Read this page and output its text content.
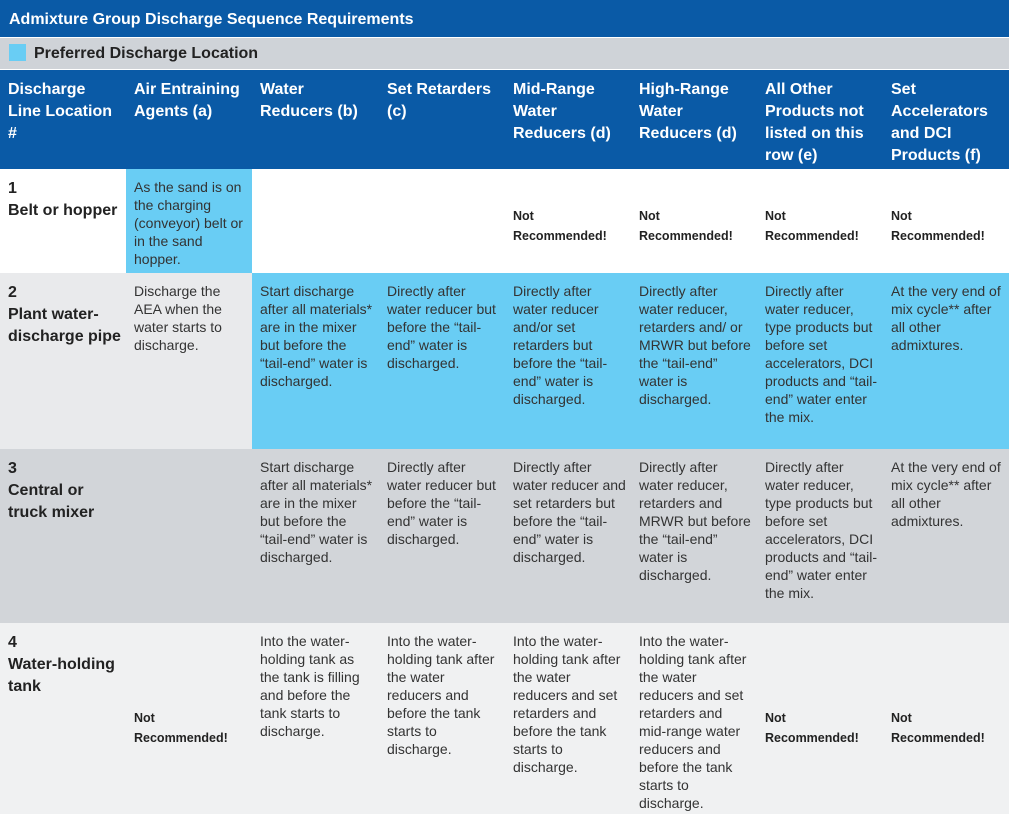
Admixture Group Discharge Sequence Requirements
Preferred Discharge Location
Discharge Line Location #
Air Entraining Agents (a)
Water Reducers (b)
Set Retarders (c)
Mid-Range Water Reducers (d)
High-Range Water Reducers (d)
All Other Products not listed on this row (e)
Set Accelerators and DCI Products (f)
1
Belt or hopper
As the sand is on the charging (conveyor) belt or in the sand hopper.
Not Recommended!
Not Recommended!
Not Recommended!
Not Recommended!
2
Plant water-discharge pipe
Discharge the AEA when the water starts to discharge.
Start discharge after all materials* are in the mixer but before the “tail-end” water is discharged.
Directly after water reducer but before the “tail-end” water is discharged.
Directly after water reducer and/or set retarders but before the “tail-end” water is discharged.
Directly after water reducer, retarders and/ or MRWR but before the “tail-end” water is discharged.
Directly after water reducer, type products but before set accelerators, DCI products and “tail-end” water enter the mix.
At the very end of mix cycle** after all other admixtures.
3
Central or truck mixer
Start discharge after all materials* are in the mixer but before the “tail-end” water is discharged.
Directly after water reducer but before the “tail-end” water is discharged.
Directly after water reducer and set retarders but before the “tail-end” water is discharged.
Directly after water reducer, retarders and MRWR but before the “tail-end” water is discharged.
Directly after water reducer, type products but before set accelerators, DCI products and “tail-end” water enter the mix.
At the very end of mix cycle** after all other admixtures.
4
Water-holding tank
Not Recommended!
Into the water-holding tank as the tank is filling and before the tank starts to discharge.
Into the water-holding tank after the water reducers and before the tank starts to discharge.
Into the water-holding tank after the water reducers and set retarders and before the tank starts to discharge.
Into the water-holding tank after the water reducers and set retarders and mid-range water reducers and before the tank starts to discharge.
Not Recommended!
Not Recommended!
